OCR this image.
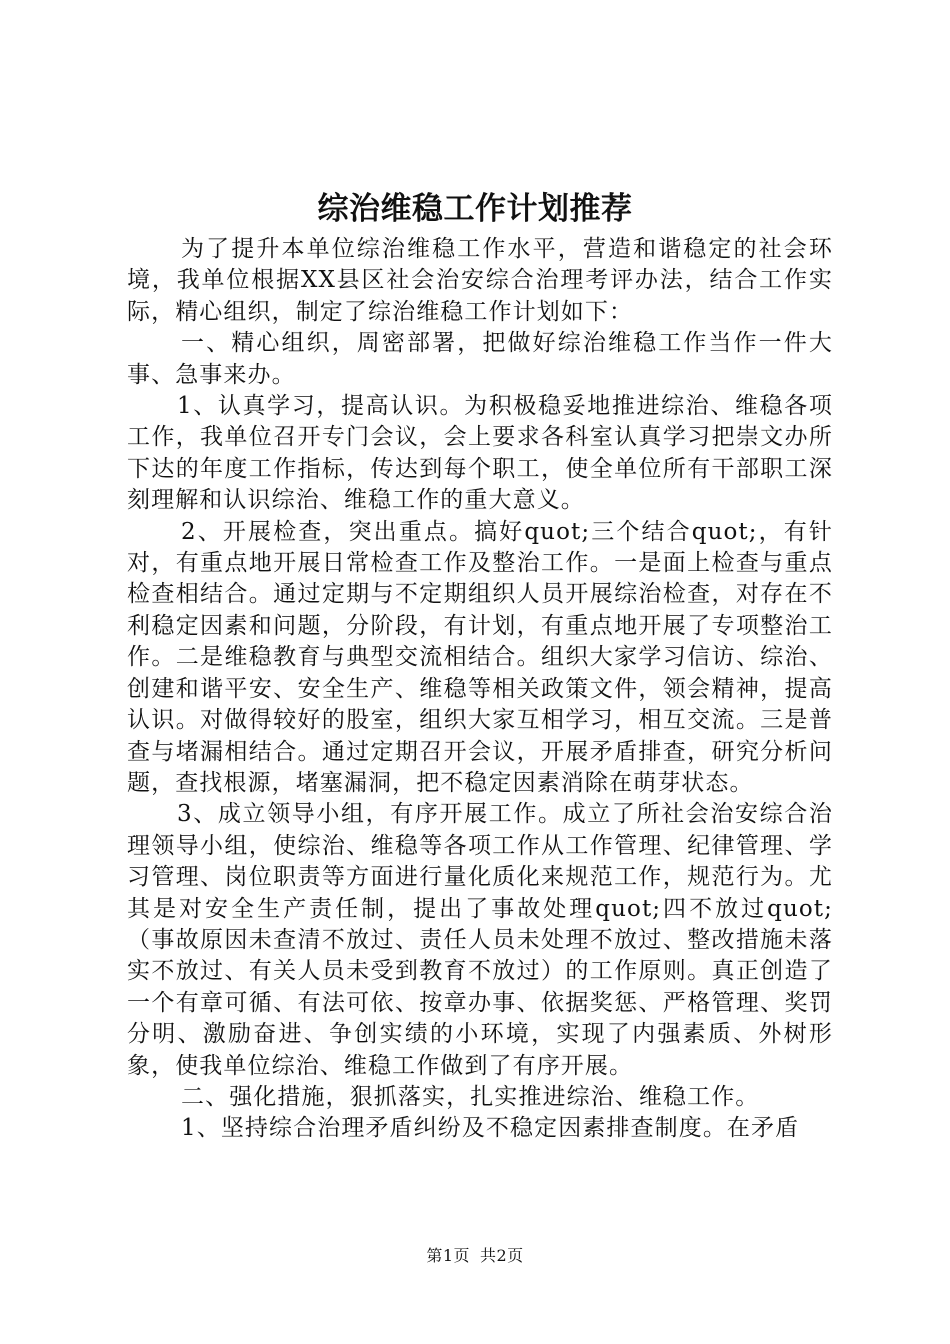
综治维稳工作计划推荐

为了提升本单位综治维稳工作水平，营造和谐稳定的社会环境，我单位根据XX县区社会治安综合治理考评办法，结合工作实际，精心组织，制定了综治维稳工作计划如下：

一、精心组织，周密部署，把做好综治维稳工作当作一件大事、急事来办。

1、认真学习，提高认识。为积极稳妥地推进综治、维稳各项工作，我单位召开专门会议，会上要求各科室认真学习把崇文办所下达的年度工作指标，传达到每个职工，使全单位所有干部职工深刻理解和认识综治、维稳工作的重大意义。

2、开展检查，突出重点。搞好quot;三个结合quot;，有针对，有重点地开展日常检查工作及整治工作。一是面上检查与重点检查相结合。通过定期与不定期组织人员开展综治检查，对存在不利稳定因素和问题，分阶段，有计划，有重点地开展了专项整治工作。二是维稳教育与典型交流相结合。组织大家学习信访、综治、创建和谐平安、安全生产、维稳等相关政策文件，领会精神，提高认识。对做得较好的股室，组织大家互相学习，相互交流。三是普查与堵漏相结合。通过定期召开会议，开展矛盾排查，研究分析问题，查找根源，堵塞漏洞，把不稳定因素消除在萌芽状态。

3、成立领导小组，有序开展工作。成立了所社会治安综合治理领导小组，使综治、维稳等各项工作从工作管理、纪律管理、学习管理、岗位职责等方面进行量化质化来规范工作，规范行为。尤其是对安全生产责任制，提出了事故处理quot;四不放过quot;（事故原因未查清不放过、责任人员未处理不放过、整改措施未落实不放过、有关人员未受到教育不放过）的工作原则。真正创造了一个有章可循、有法可依、按章办事、依据奖惩、严格管理、奖罚分明、激励奋进、争创实绩的小环境，实现了内强素质、外树形象，使我单位综治、维稳工作做到了有序开展。

二、强化措施，狠抓落实，扎实推进综治、维稳工作。

1、坚持综合治理矛盾纠纷及不稳定因素排查制度。在矛盾

第1页 共2页
